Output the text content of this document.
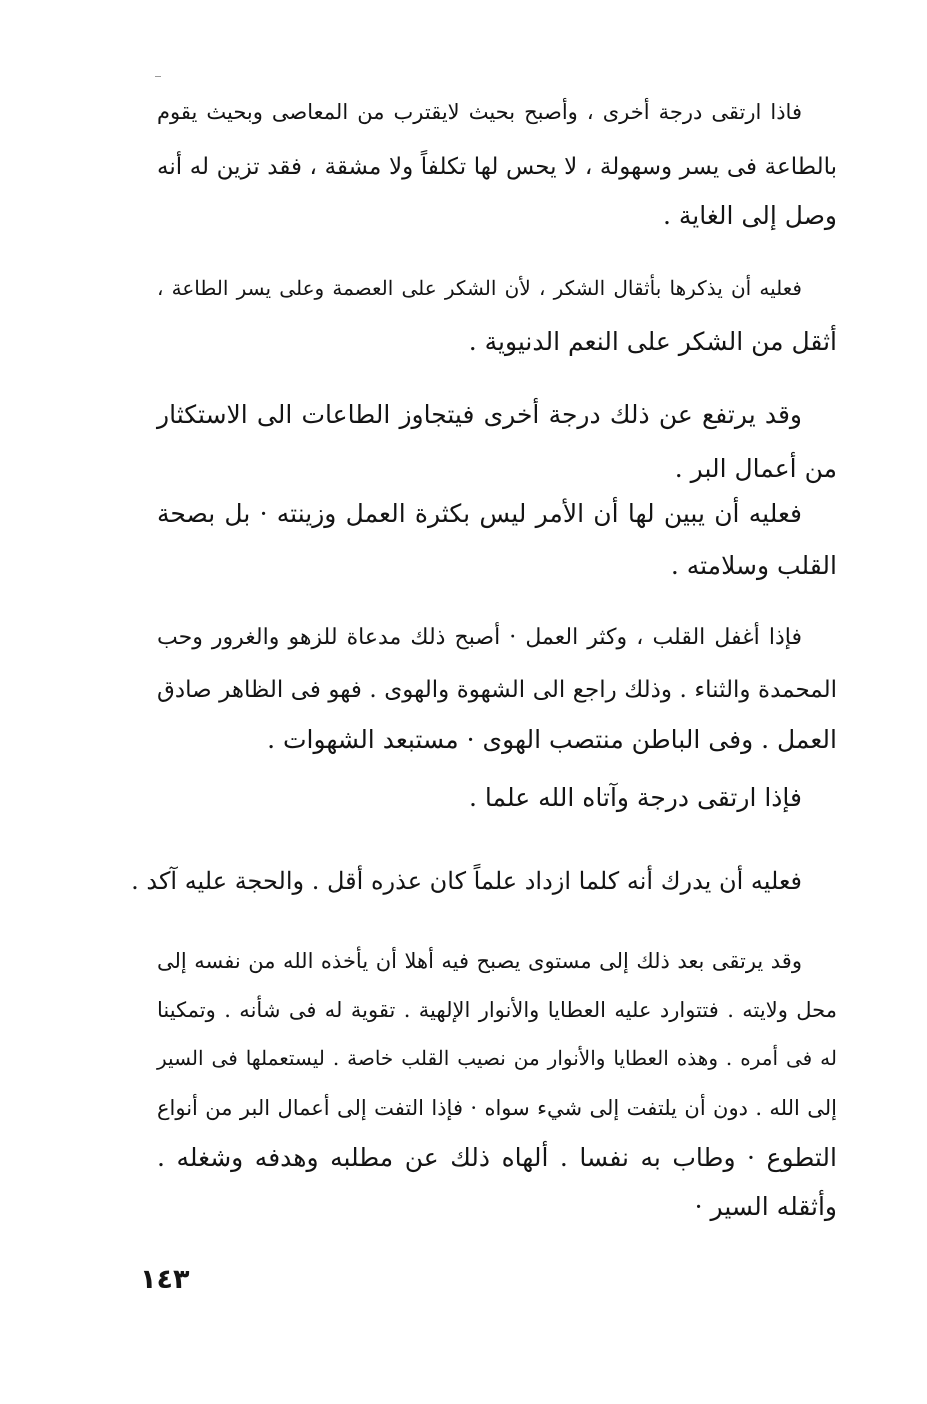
فاذا ارتقى درجة أخرى ، وأصبح بحيث لايقترب من المعاصى وبحيث يقوم
بالطاعة فى يسر وسهولة ، لا يحس لها تكلفاً ولا مشقة ، فقد تزين له أنه
وصل إلى الغاية .
فعليه أن يذكرها بأثقال الشكر ، لأن الشكر على العصمة وعلى يسر الطاعة ،
أثقل من الشكر على النعم الدنيوية .
وقد يرتفع عن ذلك درجة أخرى فيتجاوز الطاعات الى الاستكثار
من أعمال البر .
فعليه أن يبين لها أن الأمر ليس بكثرة العمل وزينته · بل بصحة
القلب وسلامته .
فإذا أغفل القلب ، وكثر العمل · أصبح ذلك مدعاة للزهو والغرور وحب
المحمدة والثناء . وذلك راجع الى الشهوة والهوى . فهو فى الظاهر صادق
العمل . وفى الباطن منتصب الهوى · مستبعد الشهوات .
فإذا ارتقى درجة وآتاه الله علما .
فعليه أن يدرك أنه كلما ازداد علماً كان عذره أقل . والحجة عليه آكد .
وقد يرتقى بعد ذلك إلى مستوى يصبح فيه أهلا أن يأخذه الله من نفسه إلى
محل ولايته . فتتوارد عليه العطايا والأنوار الإلهية . تقوية له فى شأنه . وتمكينا
له فى أمره . وهذه العطايا والأنوار من نصيب القلب خاصة . ليستعملها فى السير
إلى الله . دون أن يلتفت إلى شيء سواه · فإذا التفت إلى أعمال البر من أنواع
التطوع · وطاب به نفسا . ألهاه ذلك عن مطلبه وهدفه وشغله .
وأثقله السير ·
١٤٣
